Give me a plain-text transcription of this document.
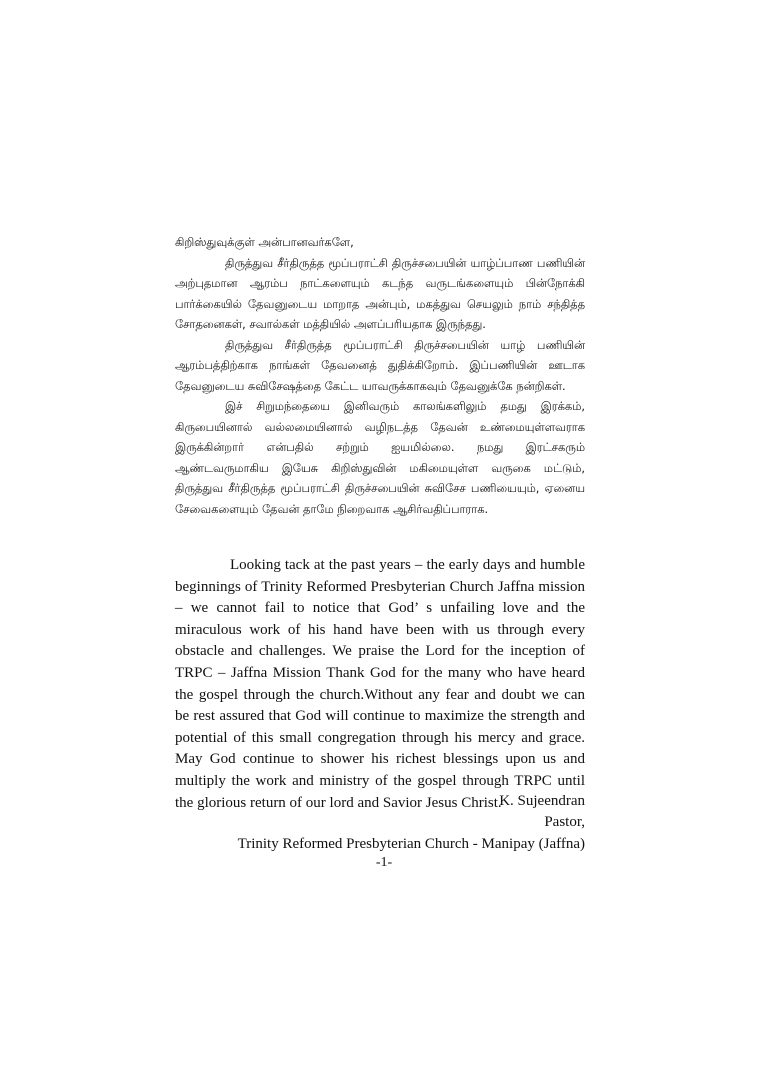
கிறிஸ்துவுக்குள் அன்பானவர்களே,

திருத்துவ சீர்திருத்த மூப்பராட்சி திருச்சபையின் யாழ்ப்பாண பணியின் அற்புதமான ஆரம்ப நாட்களையும் கடந்த வருடங்களையும் பின்நோக்கி பார்க்கையில் தேவனுடைய மாறாத அன்பும், மகத்துவ செயலும் நாம் சந்தித்த சோதனைகள், சவால்கள் மத்தியில் அளப்பரியதாக இருந்தது.

திருத்துவ சீர்திருத்த மூப்பராட்சி திருச்சபையின் யாழ் பணியின் ஆரம்பத்திற்காக நாங்கள் தேவனைத் துதிக்கிறோம். இப்பணியின் ஊடாக தேவனுடைய சுவிசேஷத்தை கேட்ட யாவருக்காகவும் தேவனுக்கே நன்றிகள்.

இச் சிறுமந்தையை இனிவரும் காலங்களிலும் தமது இரக்கம், கிருபையினால் வல்லமையினால் வழிநடத்த தேவன் உண்மையுள்ளவராக இருக்கின்றார் என்பதில் சற்றும் ஐயமில்லை. நமது இரட்சகரும் ஆண்டவருமாகிய இயேசு கிறிஸ்துவின் மகிமையுள்ள வருகை மட்டும், திருத்துவ சீர்திருத்த மூப்பராட்சி திருச்சபையின் சுவிசேச பணியையும், ஏனைய சேவைகளையும் தேவன் தாமே நிறைவாக ஆசிர்வதிப்பாராக.

Looking tack at the past years – the early days and humble beginnings of Trinity Reformed Presbyterian Church Jaffna mission – we cannot fail to notice that God’ s unfailing love and the miraculous work of his hand have been with us through every obstacle and challenges. We praise the Lord for the inception of TRPC – Jaffna Mission Thank God for the many who have heard the gospel through the church.Without any fear and doubt we can be rest assured that God will continue to maximize the strength and potential of this small congregation through his mercy and grace. May God continue to shower his richest blessings upon us and multiply the work and ministry of the gospel through TRPC until the glorious return of our lord and Savior Jesus Christ.

K. Sujeendran
Pastor,
Trinity Reformed Presbyterian Church - Manipay (Jaffna)
-1-
